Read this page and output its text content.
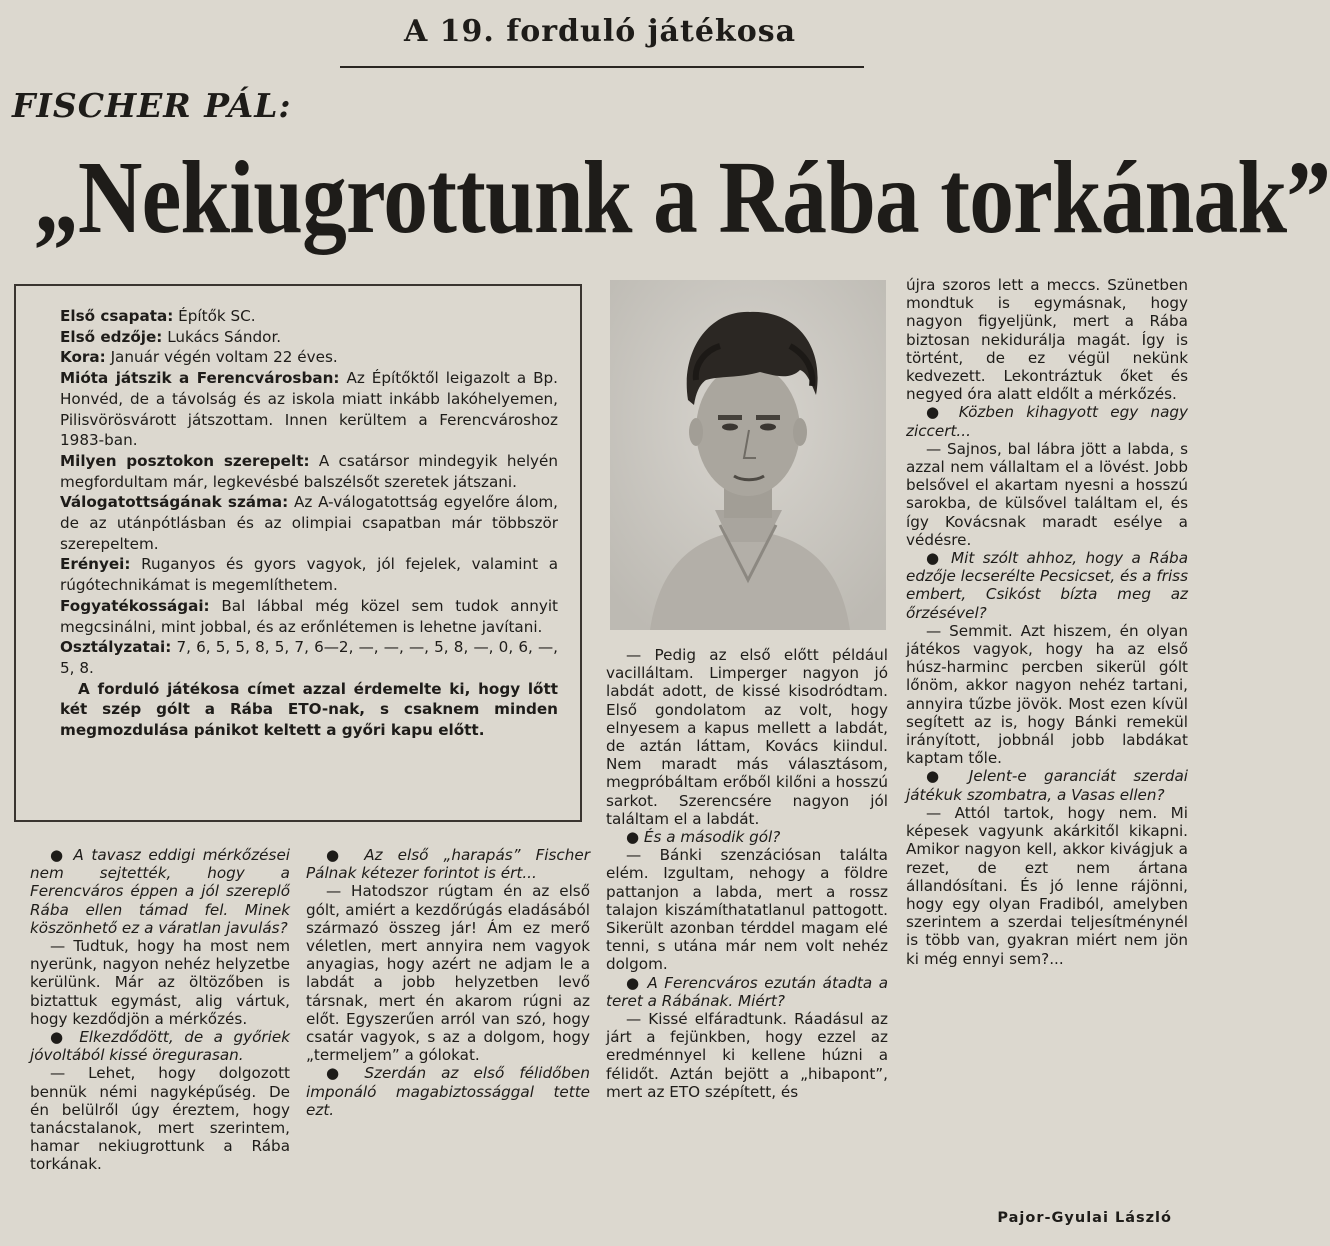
A 19. forduló játékosa
FISCHER PÁL:
„Nekiugrottunk a Rába torkának”

Első csapata: Építők SC.

Első edzője: Lukács Sándor.

Kora: Január végén voltam 22 éves.

Mióta játszik a Ferencvárosban: Az Építőktől leigazolt a Bp. Honvéd, de a távolság és az iskola miatt inkább lakóhelyemen, Pilisvörösvárott játszottam. Innen kerültem a Ferencvároshoz 1983-ban.

Milyen posztokon szerepelt: A csatársor mindegyik helyén megfordultam már, legkevésbé balszélsőt szeretek játszani.

Válogatottságának száma: Az A-válogatottság egyelőre álom, de az utánpótlásban és az olimpiai csapatban már többször szerepeltem.

Erényei: Ruganyos és gyors vagyok, jól fejelek, valamint a rúgótechnikámat is megemlíthetem.

Fogyatékosságai: Bal lábbal még közel sem tudok annyit megcsinálni, mint jobbal, és az erőnlétemen is lehetne javítani.

Osztályzatai: 7, 6, 5, 5, 8, 5, 7, 6—2, —, —, —, 5, 8, —, 0, 6, —, 5, 8.

A forduló játékosa címet azzal érdemelte ki, hogy lőtt két szép gólt a Rába ETO-nak, s csaknem minden megmozdulása pánikot keltett a győri kapu előtt.

● A tavasz eddigi mérkőzései nem sejtették, hogy a Ferencváros éppen a jól szereplő Rába ellen támad fel. Minek köszönhető ez a váratlan javulás?

— Tudtuk, hogy ha most nem nyerünk, nagyon nehéz helyzetbe kerülünk. Már az öltözőben is biztattuk egymást, alig vártuk, hogy kezdődjön a mérkőzés.

● Elkezdődött, de a győriek jóvoltából kissé öregurasan.

— Lehet, hogy dolgozott bennük némi nagyképűség. De én belülről úgy éreztem, hogy tanácstalanok, mert szerintem, hamar nekiugrottunk a Rába torkának.

● Az első „harapás” Fischer Pálnak kétezer forintot is ért...

— Hatodszor rúgtam én az első gólt, amiért a kezdőrúgás eladásából származó összeg jár! Ám ez merő véletlen, mert annyira nem vagyok anyagias, hogy azért ne adjam le a labdát a jobb helyzetben levő társnak, mert én akarom rúgni az előt. Egyszerűen arról van szó, hogy csatár vagyok, s az a dolgom, hogy „termeljem” a gólokat.

● Szerdán az első félidőben imponáló magabiztossággal tette ezt.

— Pedig az első előtt például vacilláltam. Limperger nagyon jó labdát adott, de kissé kisodródtam. Első gondolatom az volt, hogy elnyesem a kapus mellett a labdát, de aztán láttam, Kovács kiindul. Nem maradt más választásom, megpróbáltam erőből kilőni a hosszú sarkot. Szerencsére nagyon jól találtam el a labdát.

● És a második gól?

— Bánki szenzációsan találta elém. Izgultam, nehogy a földre pattanjon a labda, mert a rossz talajon kiszámíthatatlanul pattogott. Sikerült azonban térddel magam elé tenni, s utána már nem volt nehéz dolgom.

● A Ferencváros ezután átadta a teret a Rábának. Miért?

— Kissé elfáradtunk. Ráadásul az járt a fejünkben, hogy ezzel az eredménnyel ki kellene húzni a félidőt. Aztán bejött a „hibapont”, mert az ETO szépített, és

újra szoros lett a meccs. Szünetben mondtuk is egymásnak, hogy nagyon figyeljünk, mert a Rába biztosan nekidurálja magát. Így is történt, de ez végül nekünk kedvezett. Lekontráztuk őket és negyed óra alatt eldőlt a mérkőzés.

● Közben kihagyott egy nagy ziccert...

— Sajnos, bal lábra jött a labda, s azzal nem vállaltam el a lövést. Jobb belsővel el akartam nyesni a hosszú sarokba, de külsővel találtam el, és így Kovácsnak maradt esélye a védésre.

● Mit szólt ahhoz, hogy a Rába edzője lecserélte Pecsicset, és a friss embert, Csikóst bízta meg az őrzésével?

— Semmit. Azt hiszem, én olyan játékos vagyok, hogy ha az első húsz-harminc percben sikerül gólt lőnöm, akkor nagyon nehéz tartani, annyira tűzbe jövök. Most ezen kívül segített az is, hogy Bánki remekül irányított, jobbnál jobb labdákat kaptam tőle.

● Jelent-e garanciát szerdai játékuk szombatra, a Vasas ellen?

— Attól tartok, hogy nem. Mi képesek vagyunk akárkitől kikapni. Amikor nagyon kell, akkor kivágjuk a rezet, de ezt nem ártana állandósítani. És jó lenne rájönni, hogy egy olyan Fradiból, amelyben szerintem a szerdai teljesítménynél is több van, gyakran miért nem jön ki még ennyi sem?...

Pajor-Gyulai László
